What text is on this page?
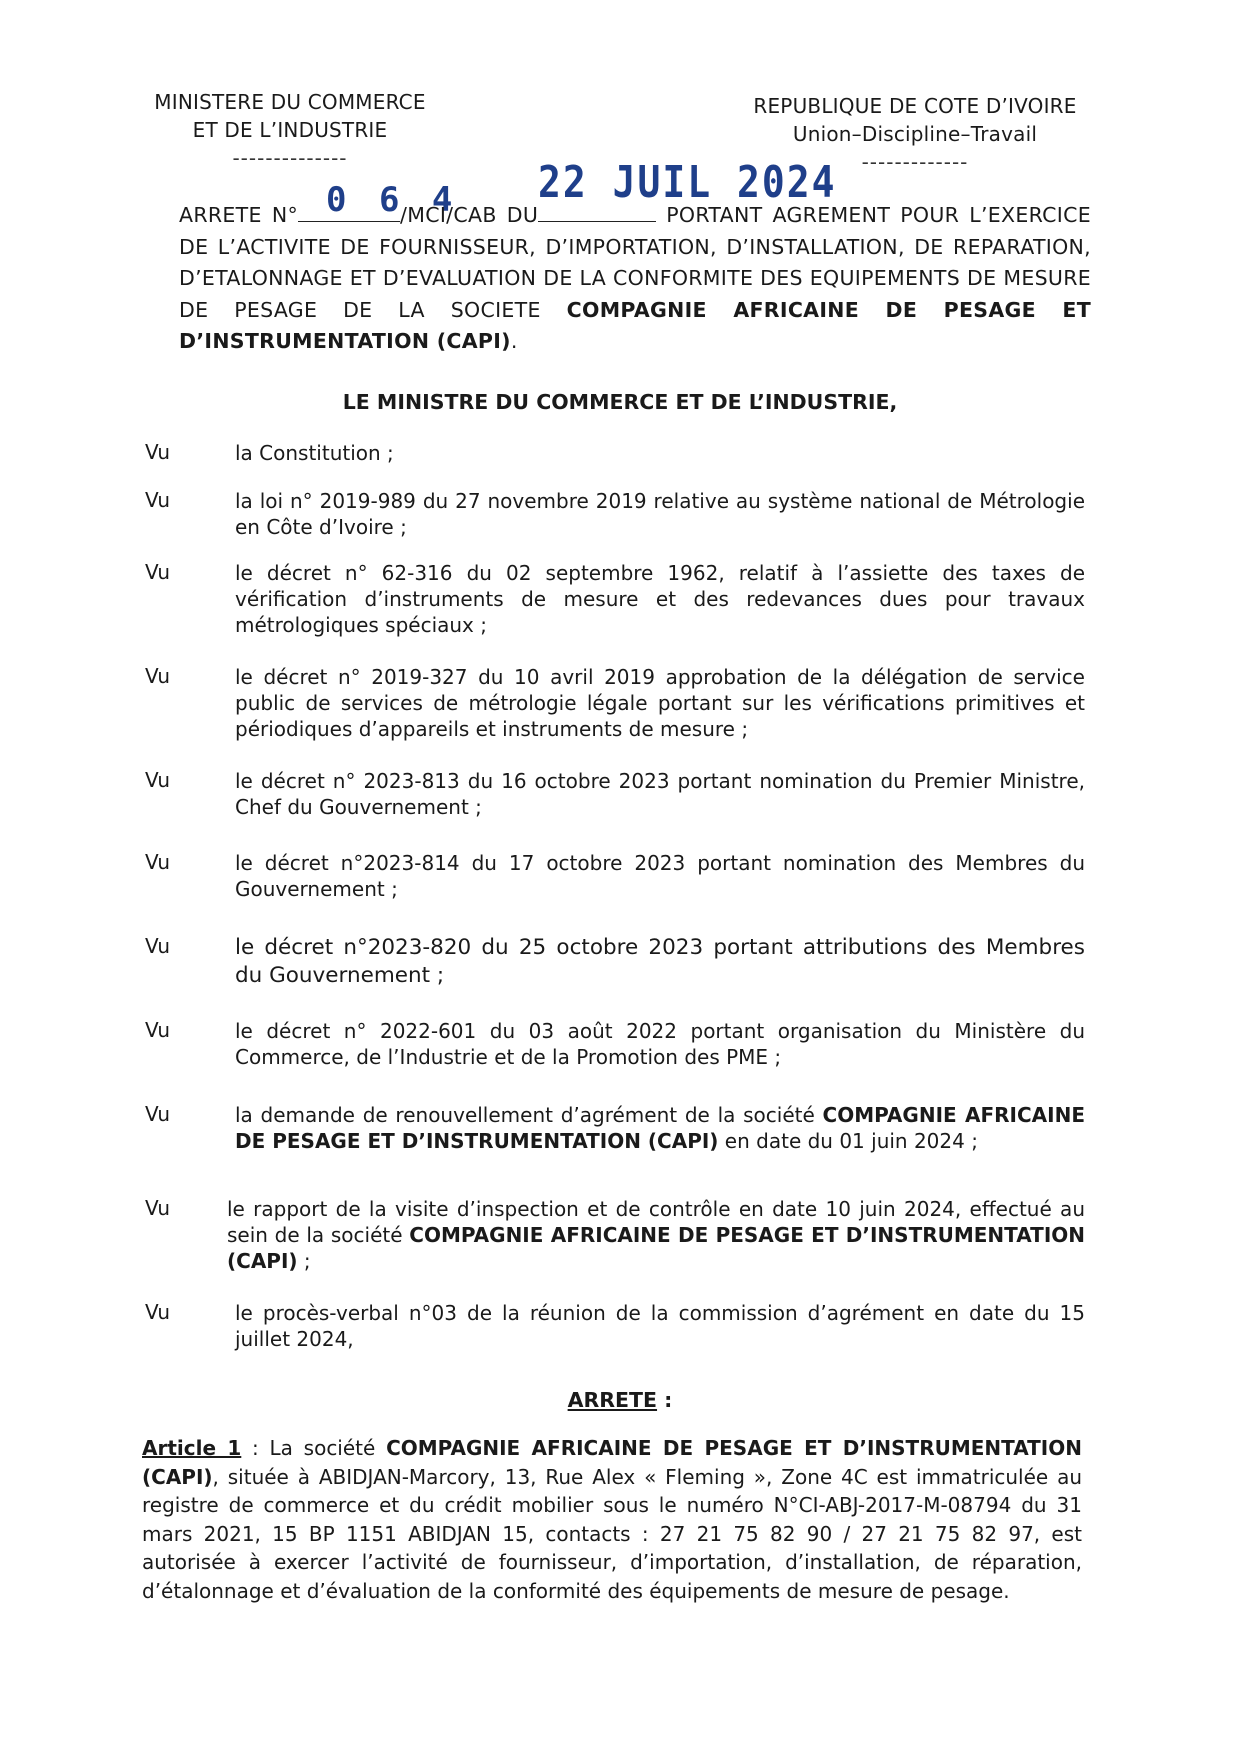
MINISTERE DU COMMERCE
ET DE L’INDUSTRIE
--------------
REPUBLIQUE DE COTE D’IVOIRE
Union–Discipline–Travail
-------------
22 JUIL 2024
0 6 4
ARRETE N°	/MCI/CAB DU	PORTANT AGREMENT POUR L’EXERCICE DE L’ACTIVITE DE FOURNISSEUR, D’IMPORTATION, D’INSTALLATION, DE REPARATION, D’ETALONNAGE ET D’EVALUATION DE LA CONFORMITE DES EQUIPEMENTS DE MESURE DE PESAGE DE LA SOCIETE COMPAGNIE AFRICAINE DE PESAGE ET D’INSTRUMENTATION (CAPI).
LE MINISTRE DU COMMERCE ET DE L’INDUSTRIE,
Vu	la Constitution ;
Vu	la loi n° 2019-989 du 27 novembre 2019 relative au système national de Métrologie en Côte d’Ivoire ;
Vu	le décret n° 62-316 du 02 septembre 1962, relatif à l’assiette des taxes de vérification d’instruments de mesure et des redevances dues pour travaux métrologiques spéciaux ;
Vu	le décret n° 2019-327 du 10 avril 2019 approbation de la délégation de service public de services de métrologie légale portant sur les vérifications primitives et périodiques d’appareils et instruments de mesure ;
Vu	le décret n° 2023-813 du 16 octobre 2023 portant nomination du Premier Ministre, Chef du Gouvernement ;
Vu	le décret n°2023-814 du 17 octobre 2023 portant nomination des Membres du Gouvernement ;
Vu	le décret n°2023-820 du 25 octobre 2023 portant attributions des Membres du Gouvernement ;
Vu	le décret n° 2022-601 du 03 août 2022 portant organisation du Ministère du Commerce, de l’Industrie et de la Promotion des PME ;
Vu	la demande de renouvellement d’agrément de la société COMPAGNIE AFRICAINE DE PESAGE ET D’INSTRUMENTATION (CAPI) en date du 01 juin 2024 ;
Vu	le rapport de la visite d’inspection et de contrôle en date 10 juin 2024, effectué au sein de la société COMPAGNIE AFRICAINE DE PESAGE ET D’INSTRUMENTATION (CAPI) ;
Vu	le procès-verbal n°03 de la réunion de la commission d’agrément en date du 15 juillet 2024,
ARRETE :
Article 1 : La société COMPAGNIE AFRICAINE DE PESAGE ET D’INSTRUMENTATION (CAPI), située à ABIDJAN-Marcory, 13, Rue Alex « Fleming », Zone 4C est immatriculée au registre de commerce et du crédit mobilier sous le numéro N°CI-ABJ-2017-M-08794 du 31 mars 2021, 15 BP 1151 ABIDJAN 15, contacts : 27 21 75 82 90 / 27 21 75 82 97, est autorisée à exercer l’activité de fournisseur, d’importation, d’installation, de réparation, d’étalonnage et d’évaluation de la conformité des équipements de mesure de pesage.
